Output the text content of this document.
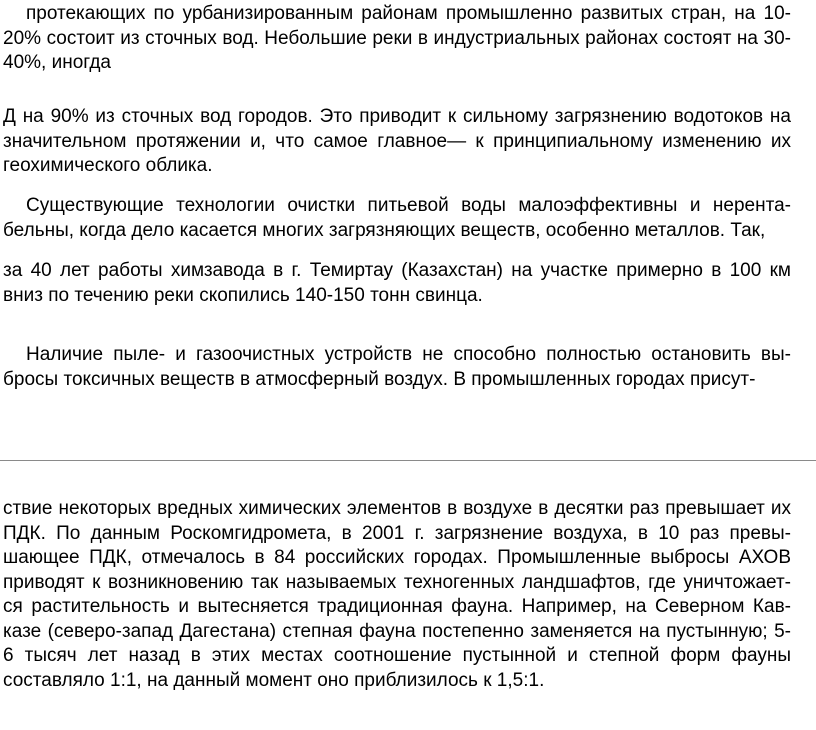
протекающих по урбанизированным районам промышленно развитых стран, на 10-20% состоит из сточных вод. Небольшие реки в индустриальных районах состоят на 30-40%, иногда

Д на 90% из сточных вод городов. Это приводит к сильному загрязнению водотоков на значительном протяжении и, что самое главное— к принципиальному изменению их геохимического облика.

Существующие технологии очистки питьевой воды малоэффективны и нерентабельны, когда дело касается многих загрязняющих веществ, особенно металлов. Так,

за 40 лет работы химзавода в г. Темиртау (Казахстан) на участке примерно в 100 км вниз по течению реки скопились 140-150 тонн свинца.

Наличие пыле- и газоочистных устройств не способно полностью остановить выбросы токсичных веществ в атмосферный воздух. В промышленных городах присут-

ствие некоторых вредных химических элементов в воздухе в десятки раз превышает их ПДК. По данным Роскомгидромета, в 2001 г. загрязнение воздуха, в 10 раз превы-шающее ПДК, отмечалось в 84 российских городах. Промышленные выбросы АХОВ приводят к возникновению так называемых техногенных ландшафтов, где уничтожает-ся растительность и вытесняется традиционная фауна. Например, на Северном Кав-казе (северо-запад Дагестана) степная фауна постепенно заменяется на пустынную; 5-6 тысяч лет назад в этих местах соотношение пустынной и степной форм фауны составляло 1:1, на данный момент оно приблизилось к 1,5:1.
